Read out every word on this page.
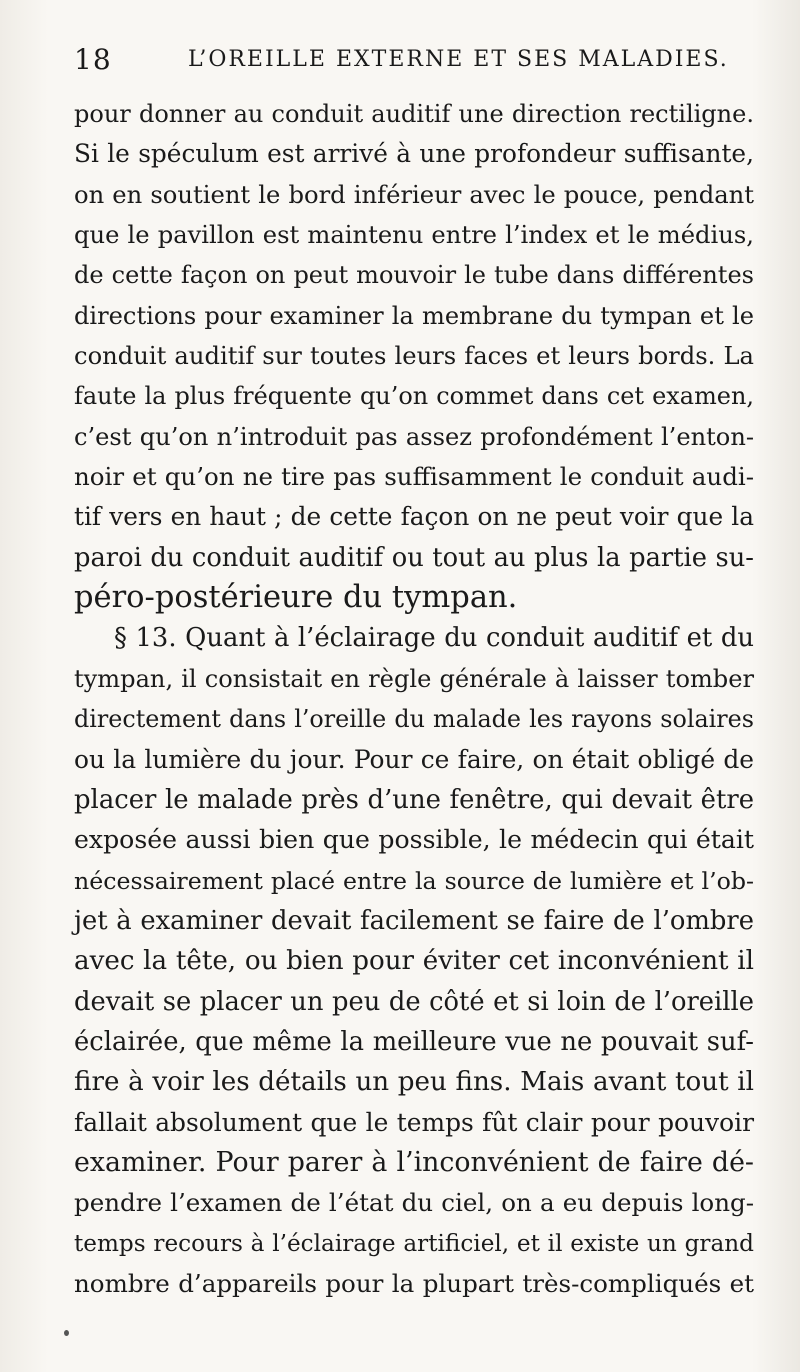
18	L’OREILLE EXTERNE ET SES MALADIES.
pour donner au conduit auditif une direction rectiligne.
Si le spéculum est arrivé à une profondeur suffisante,
on en soutient le bord inférieur avec le pouce, pendant
que le pavillon est maintenu entre l’index et le médius,
de cette façon on peut mouvoir le tube dans différentes
directions pour examiner la membrane du tympan et le
conduit auditif sur toutes leurs faces et leurs bords. La
faute la plus fréquente qu’on commet dans cet examen,
c’est qu’on n’introduit pas assez profondément l’enton-
noir et qu’on ne tire pas suffisamment le conduit audi-
tif vers en haut ; de cette façon on ne peut voir que la
paroi du conduit auditif ou tout au plus la partie su-
péro-postérieure du tympan.
§ 13. Quant à l’éclairage du conduit auditif et du
tympan, il consistait en règle générale à laisser tomber
directement dans l’oreille du malade les rayons solaires
ou la lumière du jour. Pour ce faire, on était obligé de
placer le malade près d’une fenêtre, qui devait être
exposée aussi bien que possible, le médecin qui était
nécessairement placé entre la source de lumière et l’ob-
jet à examiner devait facilement se faire de l’ombre
avec la tête, ou bien pour éviter cet inconvénient il
devait se placer un peu de côté et si loin de l’oreille
éclairée, que même la meilleure vue ne pouvait suf-
fire à voir les détails un peu fins. Mais avant tout il
fallait absolument que le temps fût clair pour pouvoir
examiner. Pour parer à l’inconvénient de faire dé-
pendre l’examen de l’état du ciel, on a eu depuis long-
temps recours à l’éclairage artificiel, et il existe un grand
nombre d’appareils pour la plupart très-compliqués et
